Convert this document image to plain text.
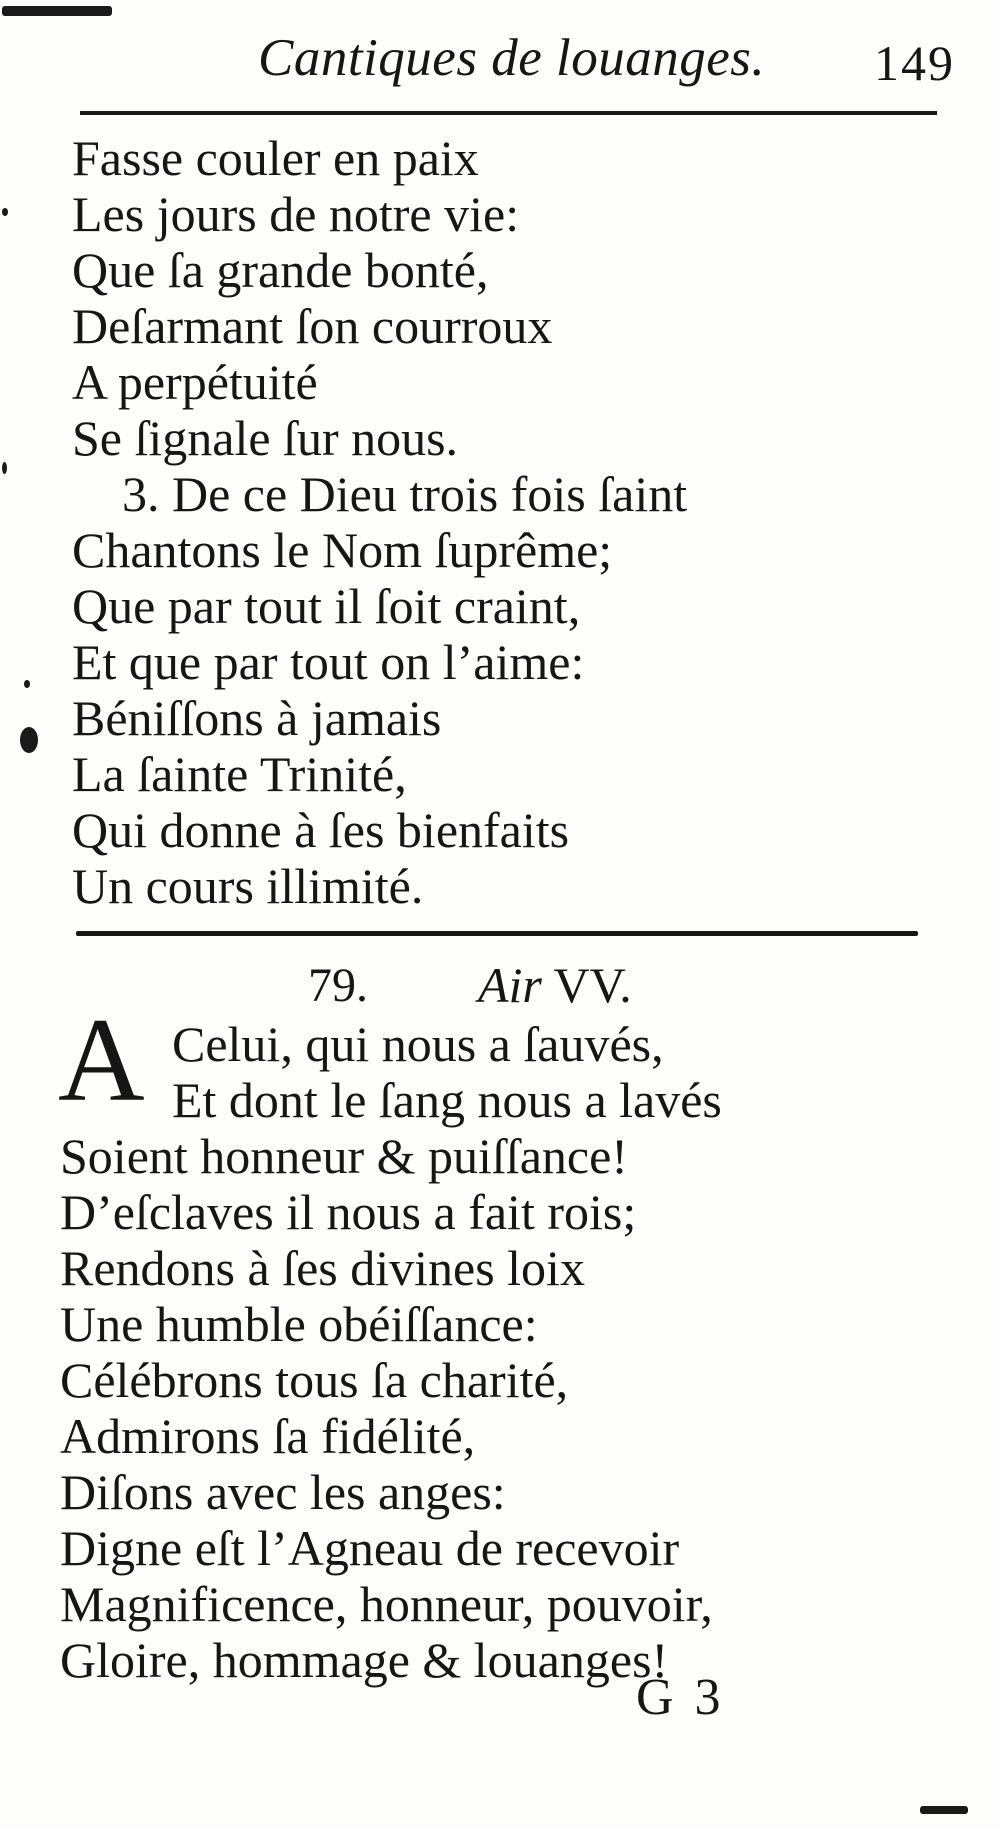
Cantiques de louanges. 149
Fasse couler en paix
Les jours de notre vie:
Que ſa grande bonté,
Deſarmant ſon courroux
A perpétuité
Se ſignale ſur nous.
3. De ce Dieu trois fois ſaint
Chantons le Nom ſuprême;
Que par tout il ſoit craint,
Et que par tout on l’aime:
Béniſſons à jamais
La ſainte Trinité,
Qui donne à ſes bienfaits
Un cours illimité.
79. Air VV.
A Celui, qui nous a ſauvés,
Et dont le ſang nous a lavés
Soient honneur & puiſſance!
D’eſclaves il nous a fait rois;
Rendons à ſes divines loix
Une humble obéiſſance:
Célébrons tous ſa charité,
Admirons ſa fidélité,
Diſons avec les anges:
Digne eſt l’Agneau de recevoir
Magnificence, honneur, pouvoir,
Gloire, hommage & louanges!
G 3
